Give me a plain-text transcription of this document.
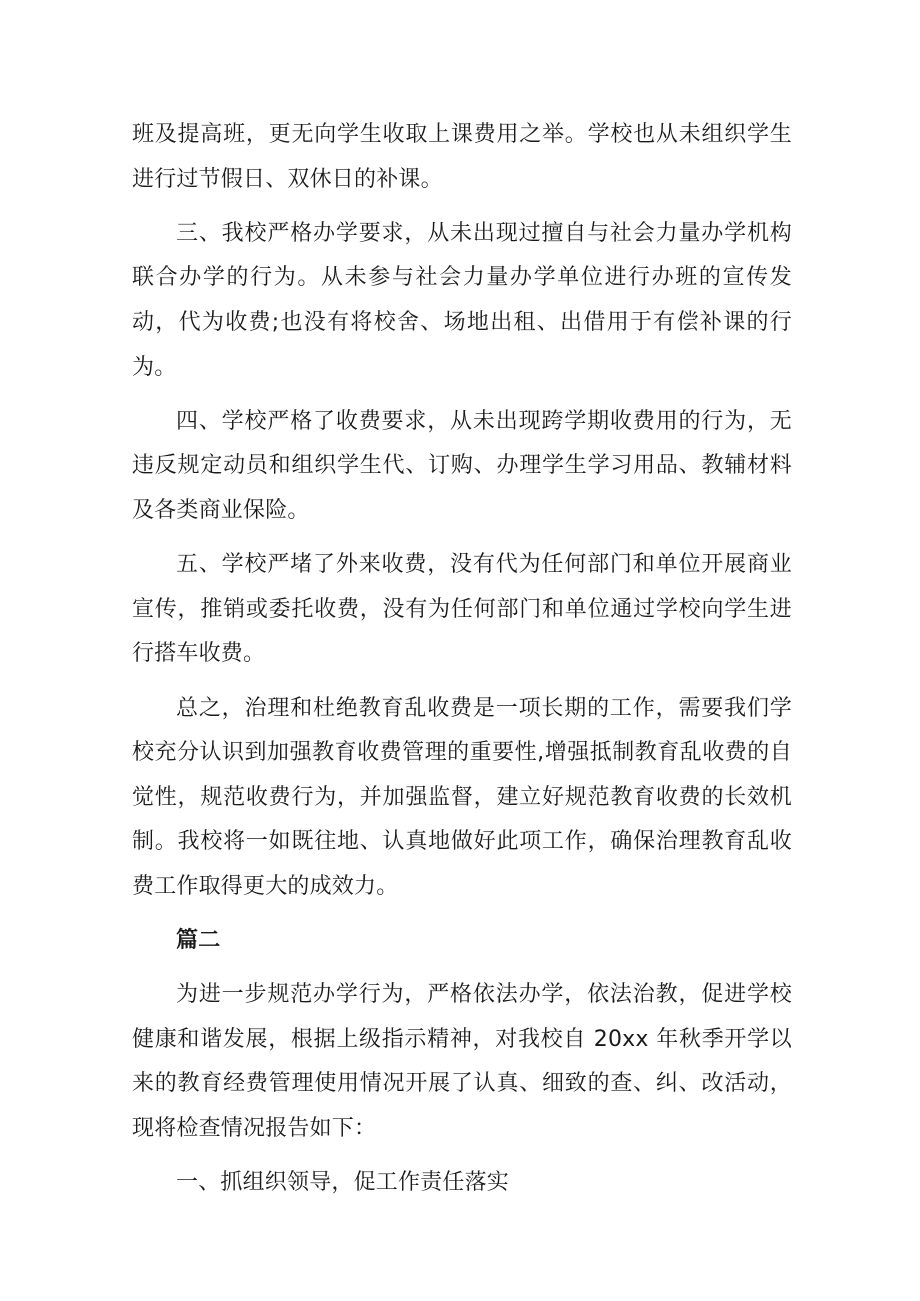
班及提高班，更无向学生收取上课费用之举。学校也从未组织学生进行过节假日、双休日的补课。

三、我校严格办学要求，从未出现过擅自与社会力量办学机构联合办学的行为。从未参与社会力量办学单位进行办班的宣传发动，代为收费;也没有将校舍、场地出租、出借用于有偿补课的行为。

四、学校严格了收费要求，从未出现跨学期收费用的行为，无违反规定动员和组织学生代、订购、办理学生学习用品、教辅材料及各类商业保险。

五、学校严堵了外来收费，没有代为任何部门和单位开展商业宣传，推销或委托收费，没有为任何部门和单位通过学校向学生进行搭车收费。

总之，治理和杜绝教育乱收费是一项长期的工作，需要我们学校充分认识到加强教育收费管理的重要性,增强抵制教育乱收费的自觉性，规范收费行为，并加强监督，建立好规范教育收费的长效机制。我校将一如既往地、认真地做好此项工作，确保治理教育乱收费工作取得更大的成效力。

篇二

为进一步规范办学行为，严格依法办学，依法治教，促进学校健康和谐发展，根据上级指示精神，对我校自 20xx 年秋季开学以来的教育经费管理使用情况开展了认真、细致的查、纠、改活动，现将检查情况报告如下：

一、抓组织领导，促工作责任落实
